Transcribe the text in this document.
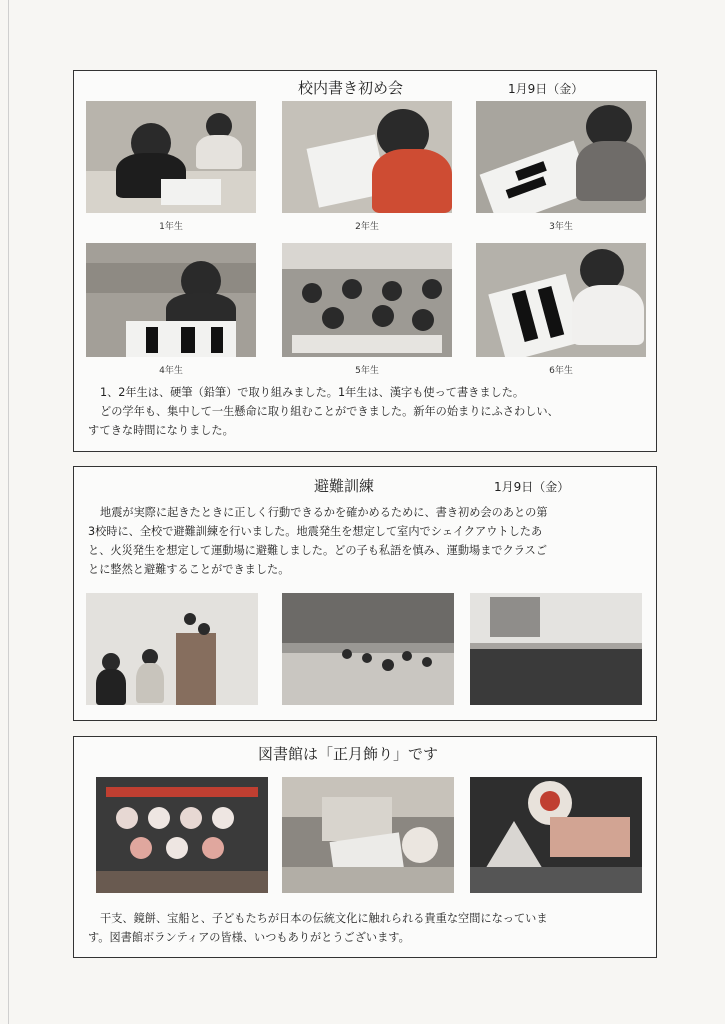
校内書き初め会	1月9日（金）
1年生	2年生	3年生
4年生	5年生	6年生

1、2年生は、硬筆（鉛筆）で取り組みました。1年生は、漢字も使って書きました。

どの学年も、集中して一生懸命に取り組むことができました。新年の始まりにふさわしい、

すてきな時間になりました。

避難訓練	1月9日（金）

地震が実際に起きたときに正しく行動できるかを確かめるために、書き初め会のあとの第

3校時に、全校で避難訓練を行いました。地震発生を想定して室内でシェイクアウトしたあ

と、火災発生を想定して運動場に避難しました。どの子も私語を慎み、運動場までクラスご

とに整然と避難することができました。

図書館は「正月飾り」です

干支、鏡餅、宝船と、子どもたちが日本の伝統文化に触れられる貴重な空間になっていま

す。図書館ボランティアの皆様、いつもありがとうございます。
